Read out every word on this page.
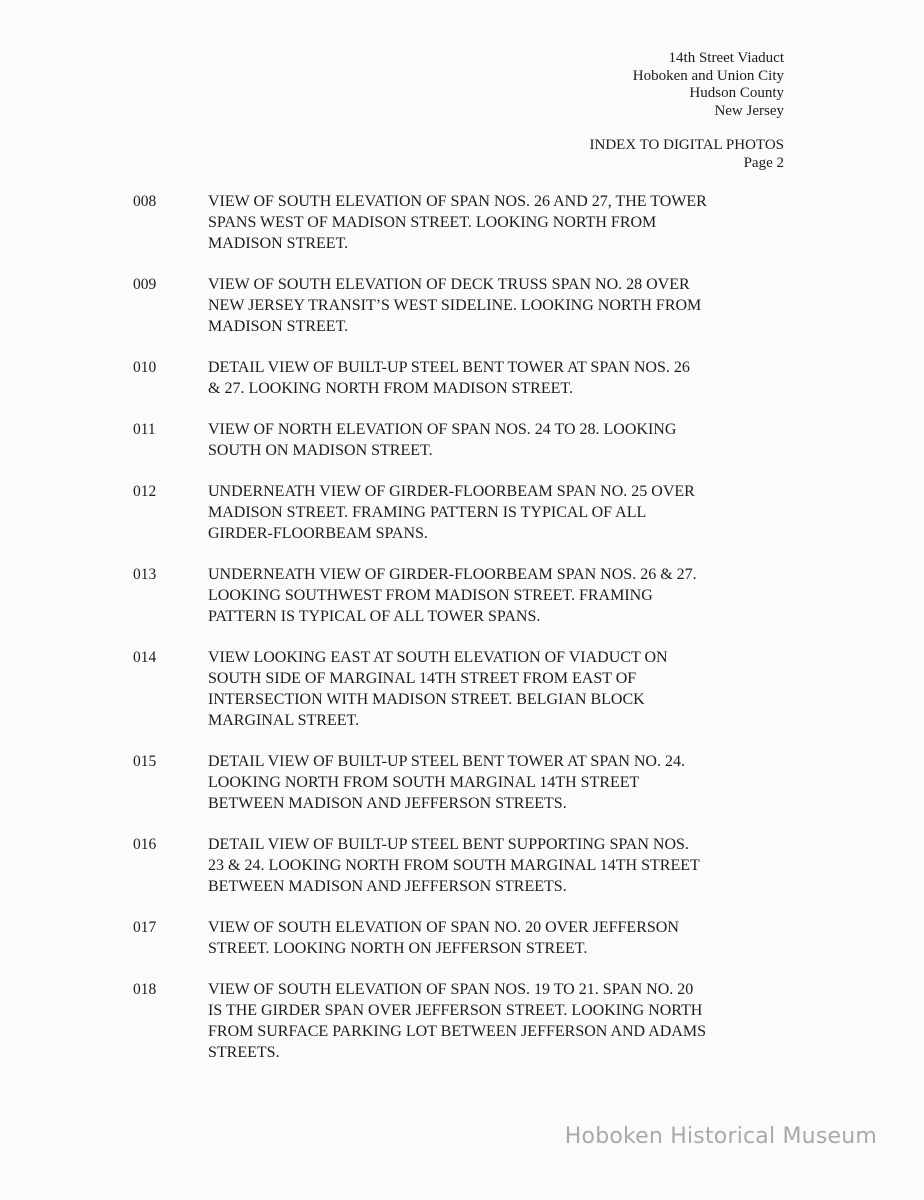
14th Street Viaduct
Hoboken and Union City
Hudson County
New Jersey
INDEX TO DIGITAL PHOTOS
Page 2
008	VIEW OF SOUTH ELEVATION OF SPAN NOS. 26 AND 27, THE TOWER
SPANS WEST OF MADISON STREET. LOOKING NORTH FROM
MADISON STREET.
009	VIEW OF SOUTH ELEVATION OF DECK TRUSS SPAN NO. 28 OVER
NEW JERSEY TRANSIT’S WEST SIDELINE. LOOKING NORTH FROM
MADISON STREET.
010	DETAIL VIEW OF BUILT-UP STEEL BENT TOWER AT SPAN NOS. 26
& 27. LOOKING NORTH FROM MADISON STREET.
011	VIEW OF NORTH ELEVATION OF SPAN NOS. 24 TO 28. LOOKING
SOUTH ON MADISON STREET.
012	UNDERNEATH VIEW OF GIRDER-FLOORBEAM SPAN NO. 25 OVER
MADISON STREET. FRAMING PATTERN IS TYPICAL OF ALL
GIRDER-FLOORBEAM SPANS.
013	UNDERNEATH VIEW OF GIRDER-FLOORBEAM SPAN NOS. 26 & 27.
LOOKING SOUTHWEST FROM MADISON STREET. FRAMING
PATTERN IS TYPICAL OF ALL TOWER SPANS.
014	VIEW LOOKING EAST AT SOUTH ELEVATION OF VIADUCT ON
SOUTH SIDE OF MARGINAL 14TH STREET FROM EAST OF
INTERSECTION WITH MADISON STREET. BELGIAN BLOCK
MARGINAL STREET.
015	DETAIL VIEW OF BUILT-UP STEEL BENT TOWER AT SPAN NO. 24.
LOOKING NORTH FROM SOUTH MARGINAL 14TH STREET
BETWEEN MADISON AND JEFFERSON STREETS.
016	DETAIL VIEW OF BUILT-UP STEEL BENT SUPPORTING SPAN NOS.
23 & 24. LOOKING NORTH FROM SOUTH MARGINAL 14TH STREET
BETWEEN MADISON AND JEFFERSON STREETS.
017	VIEW OF SOUTH ELEVATION OF SPAN NO. 20 OVER JEFFERSON
STREET. LOOKING NORTH ON JEFFERSON STREET.
018	VIEW OF SOUTH ELEVATION OF SPAN NOS. 19 TO 21. SPAN NO. 20
IS THE GIRDER SPAN OVER JEFFERSON STREET. LOOKING NORTH
FROM SURFACE PARKING LOT BETWEEN JEFFERSON AND ADAMS
STREETS.
Hoboken Historical Museum
